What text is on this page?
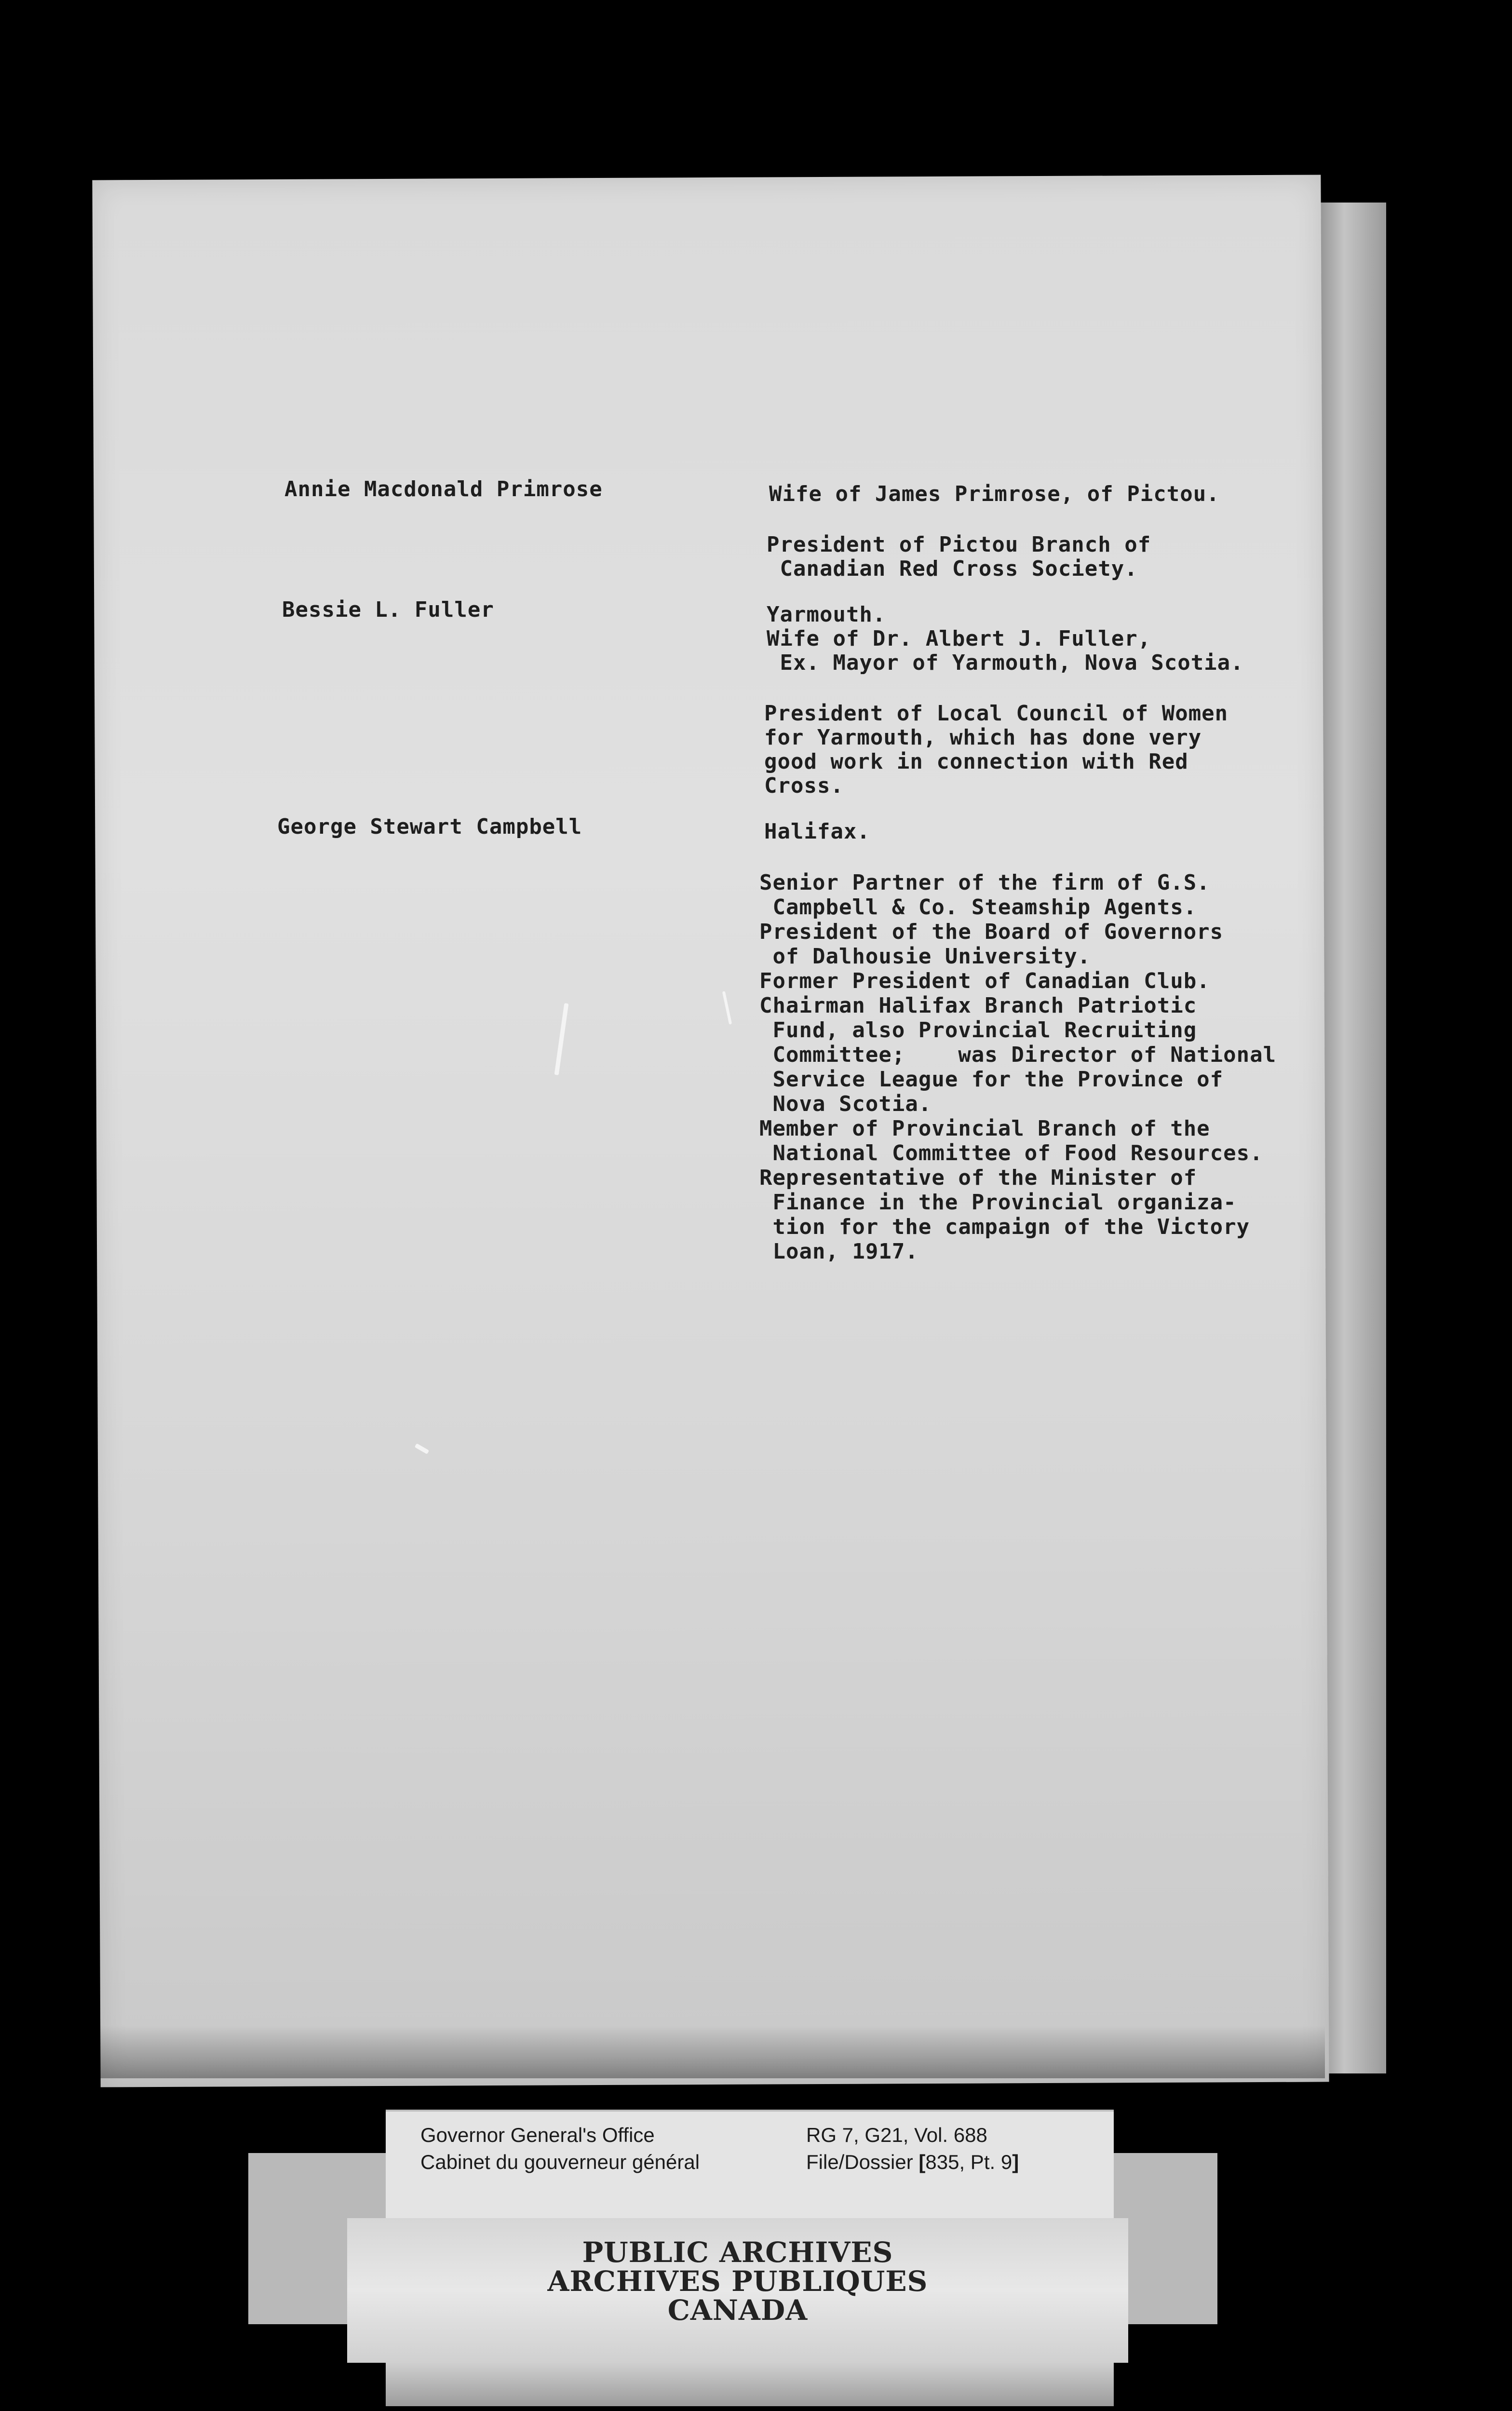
Annie Macdonald Primrose	Wife of James Primrose, of Pictou.
President of Pictou Branch of
Canadian Red Cross Society.
Bessie L. Fuller	Yarmouth.
Wife of Dr. Albert J. Fuller,
Ex. Mayor of Yarmouth, Nova Scotia.
President of Local Council of Women
for Yarmouth, which has done very
good work in connection with Red
Cross.
George Stewart Campbell	Halifax.
Senior Partner of the firm of G.S.
Campbell & Co. Steamship Agents.
President of the Board of Governors
of Dalhousie University.
Former President of Canadian Club.
Chairman Halifax Branch Patriotic
Fund, also Provincial Recruiting
Committee;    was Director of National
Service League for the Province of
Nova Scotia.
Member of Provincial Branch of the
National Committee of Food Resources.
Representative of the Minister of
Finance in the Provincial organiza-
tion for the campaign of the Victory
Loan, 1917.
Governor General's Office
Cabinet du gouverneur général
RG 7, G21, Vol. 688
File/Dossier [835, Pt. 9]
PUBLIC ARCHIVES
ARCHIVES PUBLIQUES
CANADA
